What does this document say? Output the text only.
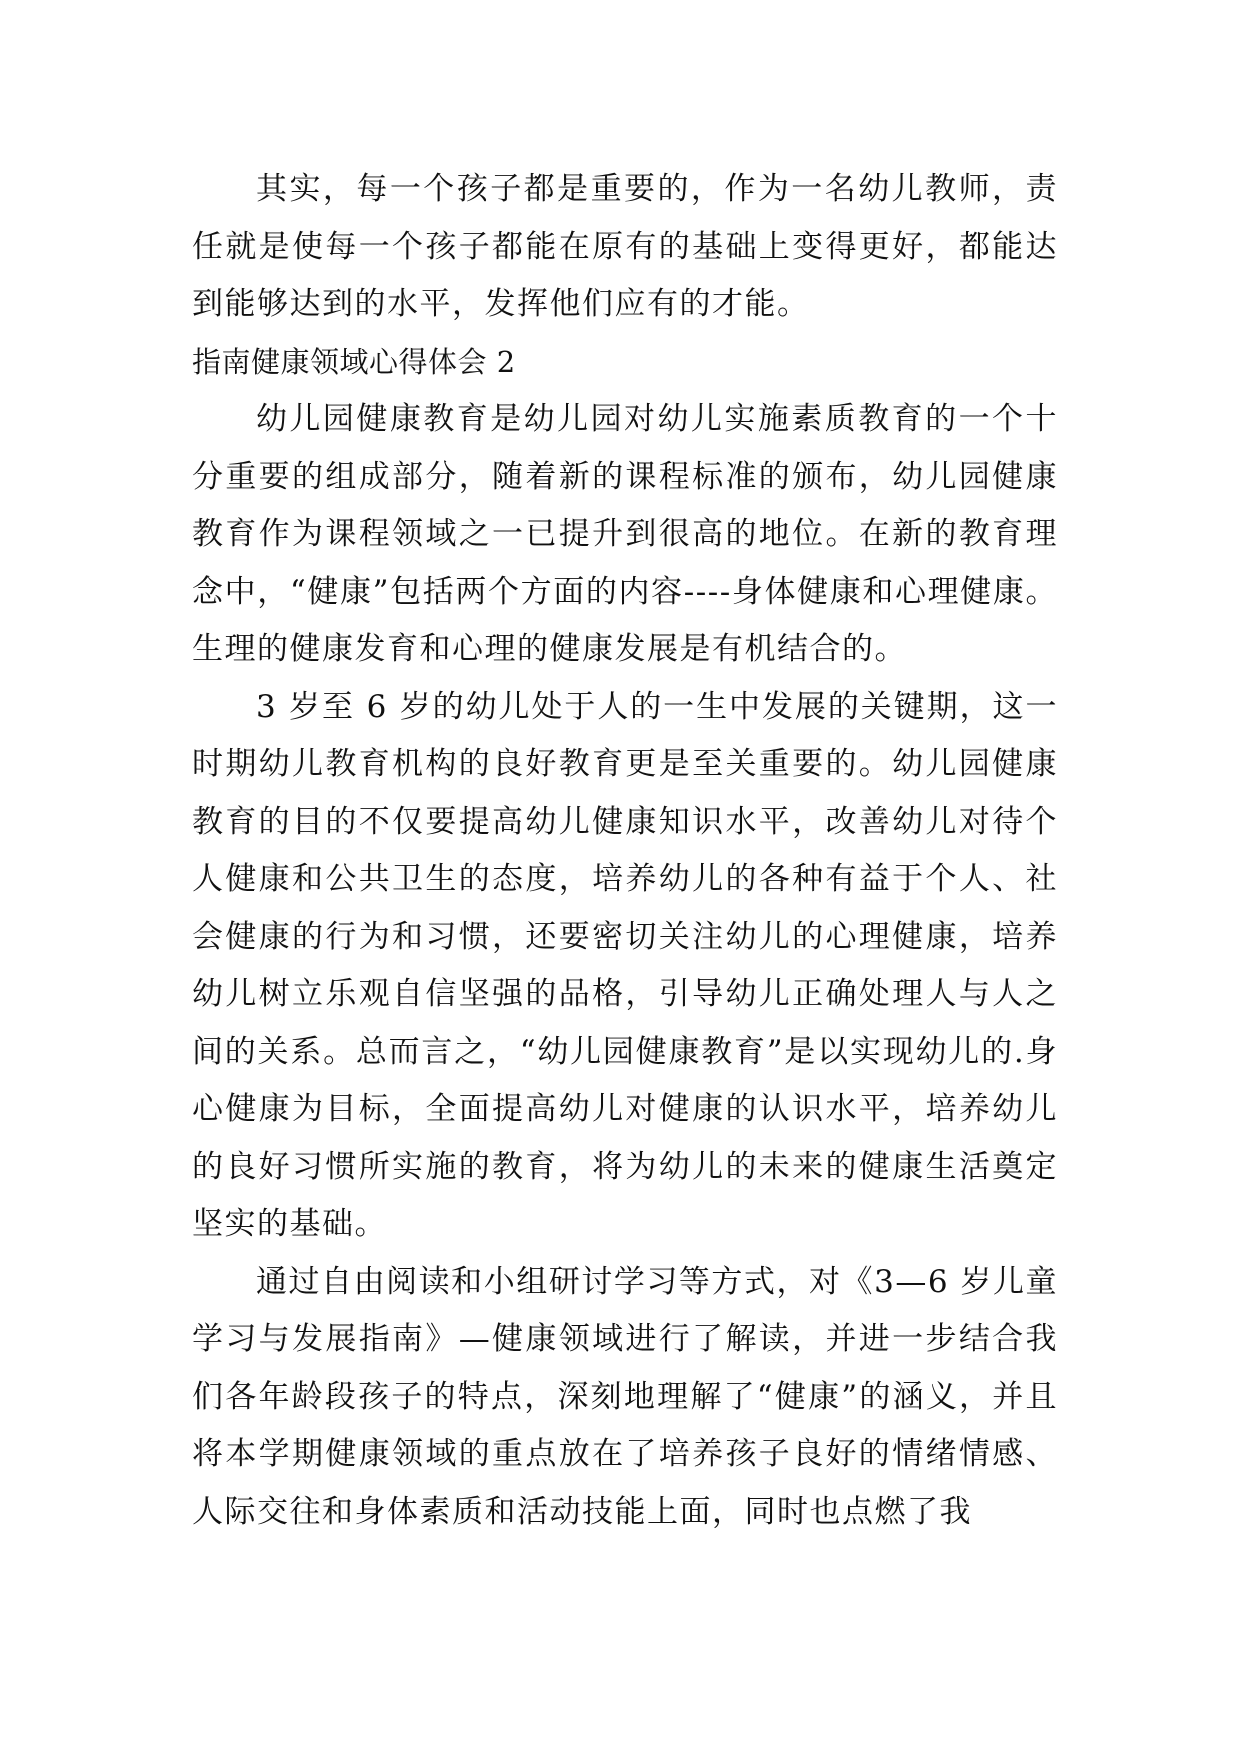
其实，每一个孩子都是重要的，作为一名幼儿教师，责任就是使每一个孩子都能在原有的基础上变得更好，都能达到能够达到的水平，发挥他们应有的才能。

指南健康领域心得体会 2

幼儿园健康教育是幼儿园对幼儿实施素质教育的一个十分重要的组成部分，随着新的课程标准的颁布，幼儿园健康教育作为课程领域之一已提升到很高的地位。在新的教育理念中，“健康”包括两个方面的内容----身体健康和心理健康。生理的健康发育和心理的健康发展是有机结合的。

3 岁至 6 岁的幼儿处于人的一生中发展的关键期，这一时期幼儿教育机构的良好教育更是至关重要的。幼儿园健康教育的目的不仅要提高幼儿健康知识水平，改善幼儿对待个人健康和公共卫生的态度，培养幼儿的各种有益于个人、社会健康的行为和习惯，还要密切关注幼儿的心理健康，培养幼儿树立乐观自信坚强的品格，引导幼儿正确处理人与人之间的关系。总而言之，“幼儿园健康教育”是以实现幼儿的.身心健康为目标，全面提高幼儿对健康的认识水平，培养幼儿的良好习惯所实施的教育，将为幼儿的未来的健康生活奠定坚实的基础。

通过自由阅读和小组研讨学习等方式，对《3—6 岁儿童学习与发展指南》—健康领域进行了解读，并进一步结合我们各年龄段孩子的特点，深刻地理解了“健康”的涵义，并且将本学期健康领域的重点放在了培养孩子良好的情绪情感、人际交往和身体素质和活动技能上面，同时也点燃了我
